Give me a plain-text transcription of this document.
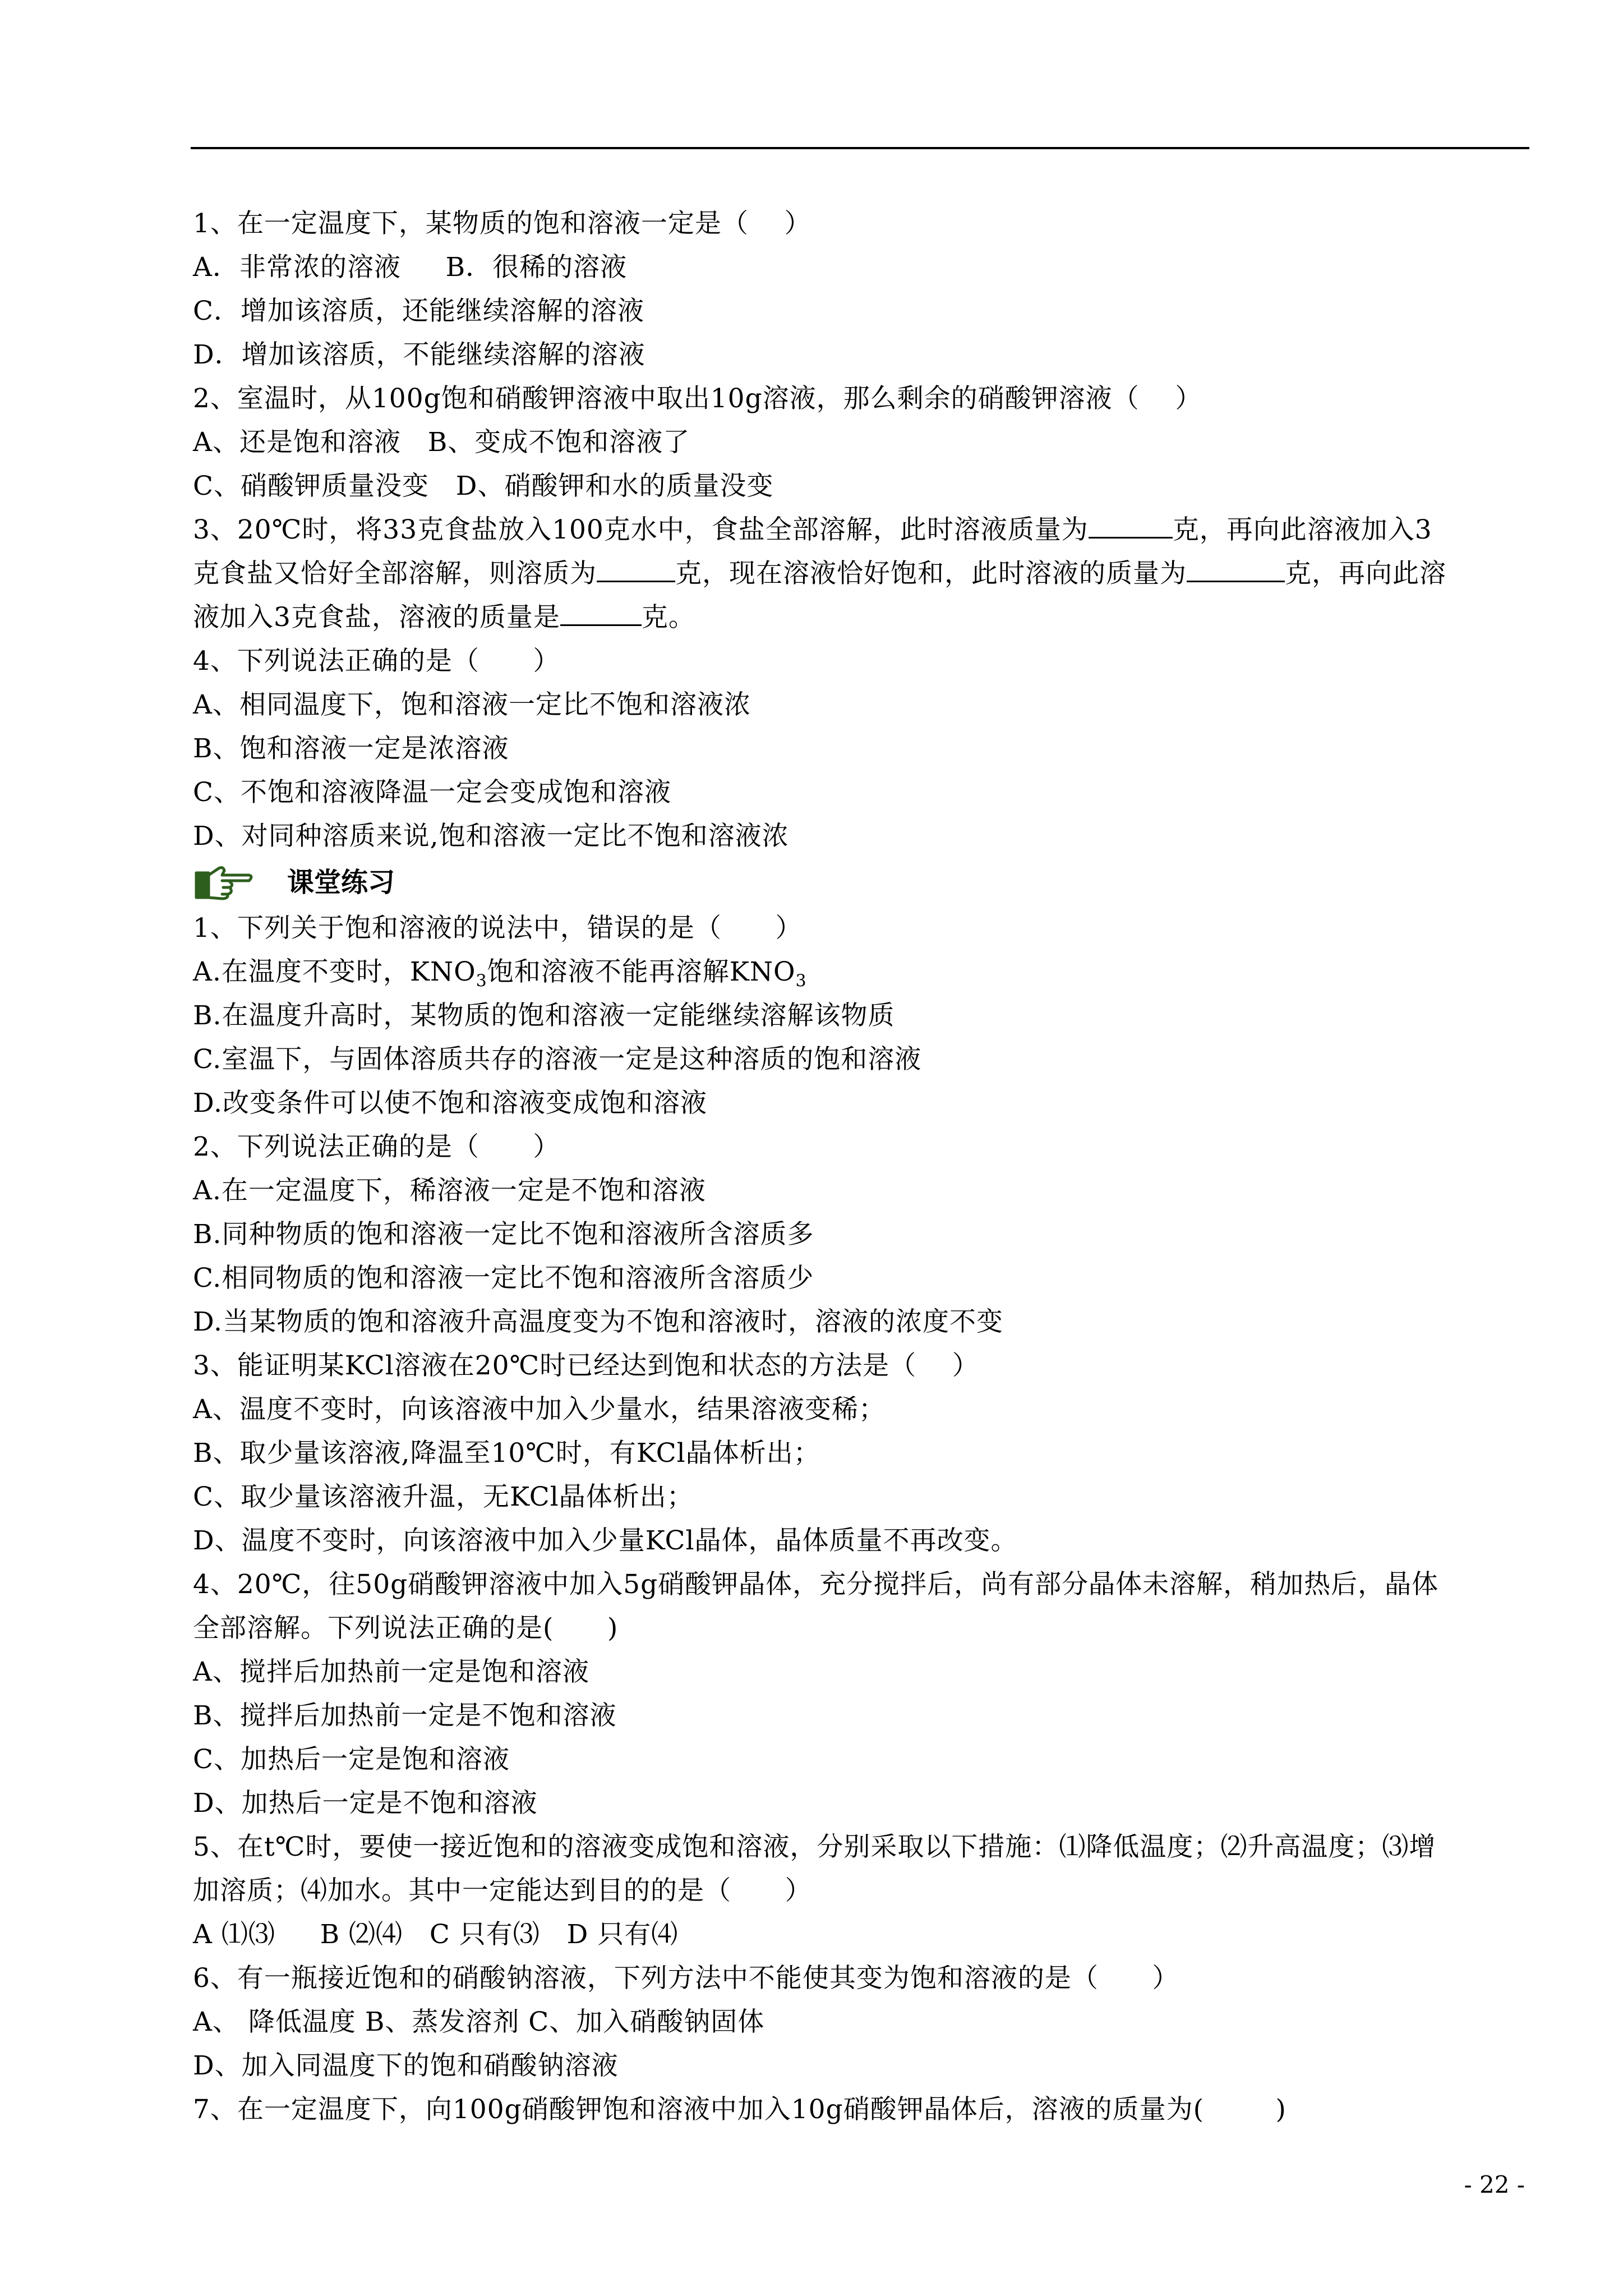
1、在一定温度下，某物质的饱和溶液一定是（    ）
A．非常浓的溶液     B．很稀的溶液
C．增加该溶质，还能继续溶解的溶液
D．增加该溶质，不能继续溶解的溶液
2、室温时，从100g饱和硝酸钾溶液中取出10g溶液，那么剩余的硝酸钾溶液（    ）
A、还是饱和溶液   B、变成不饱和溶液了
C、硝酸钾质量没变   D、硝酸钾和水的质量没变
3、20℃时，将33克食盐放入100克水中，食盐全部溶解，此时溶液质量为	克，再向此溶液加入3
克食盐又恰好全部溶解，则溶质为	克，现在溶液恰好饱和，此时溶液的质量为	克，再向此溶
液加入3克食盐，溶液的质量是	克。
4、下列说法正确的是（      ）
A、相同温度下，饱和溶液一定比不饱和溶液浓
B、饱和溶液一定是浓溶液
C、不饱和溶液降温一定会变成饱和溶液
D、对同种溶质来说,饱和溶液一定比不饱和溶液浓
课堂练习
1、下列关于饱和溶液的说法中，错误的是（      ）
A.在温度不变时，$KNO_3$饱和溶液不能再溶解$KNO_3$
B.在温度升高时，某物质的饱和溶液一定能继续溶解该物质
C.室温下，与固体溶质共存的溶液一定是这种溶质的饱和溶液
D.改变条件可以使不饱和溶液变成饱和溶液
2、下列说法正确的是（      ）
A.在一定温度下，稀溶液一定是不饱和溶液
B.同种物质的饱和溶液一定比不饱和溶液所含溶质多
C.相同物质的饱和溶液一定比不饱和溶液所含溶质少
D.当某物质的饱和溶液升高温度变为不饱和溶液时，溶液的浓度不变
3、能证明某KCl溶液在20℃时已经达到饱和状态的方法是（    ）
A、温度不变时，向该溶液中加入少量水，结果溶液变稀；
B、取少量该溶液,降温至10℃时，有KCl晶体析出；
C、取少量该溶液升温，无KCl晶体析出；
D、温度不变时，向该溶液中加入少量KCl晶体，晶体质量不再改变。
4、20℃，往50g硝酸钾溶液中加入5g硝酸钾晶体，充分搅拌后，尚有部分晶体未溶解，稍加热后，晶体
全部溶解。下列说法正确的是(      )
A、搅拌后加热前一定是饱和溶液
B、搅拌后加热前一定是不饱和溶液
C、加热后一定是饱和溶液
D、加热后一定是不饱和溶液
5、在t℃时，要使一接近饱和的溶液变成饱和溶液，分别采取以下措施：⑴降低温度；⑵升高温度；⑶增
加溶质；⑷加水。其中一定能达到目的的是（      ）
A ⑴⑶     B ⑵⑷   C 只有⑶   D 只有⑷
6、有一瓶接近饱和的硝酸钠溶液，下列方法中不能使其变为饱和溶液的是（      ）
A、 降低温度 B、蒸发溶剂 C、加入硝酸钠固体
D、加入同温度下的饱和硝酸钠溶液
7、在一定温度下，向100g硝酸钾饱和溶液中加入10g硝酸钾晶体后，溶液的质量为(        )
- 22 -
